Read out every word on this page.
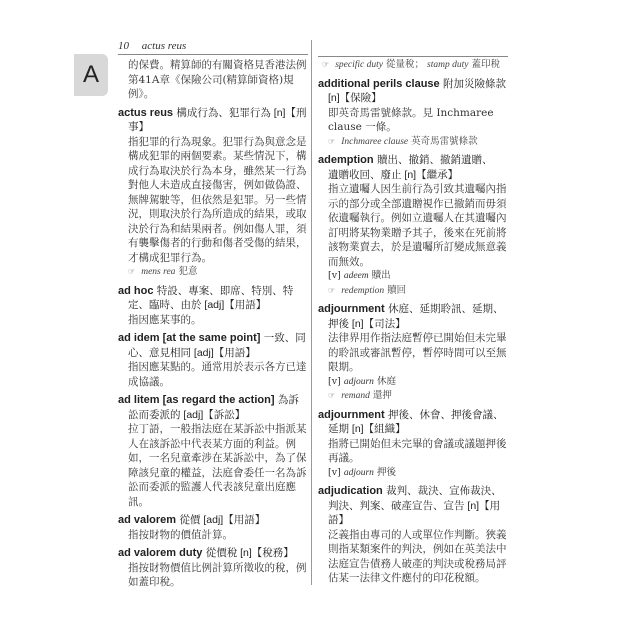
10 actus reus
A	的保費。精算師的有關資格見香港法例
第41A章《保險公司(精算師資格)規例》。
actus reus 構成行為、犯罪行為 [n]【刑
事】
指犯罪的行為現象。犯罪行為與意念是構成犯罪的兩個要素。某些情況下，構成行為取決於行為本身，雖然某一行為對他人未造成直接傷害，例如做偽證、無牌駕駛等，但依然是犯罪。另一些情況，則取決於行為所造成的結果，或取決於行為和結果兩者。例如傷人罪，須有襲擊傷者的行動和傷者受傷的結果，才構成犯罪行為。
☞ mens rea 犯意
ad hoc 特設、專案、即席、特別、特
定、臨時、由於 [adj]【用語】
指因應某事的。
ad idem [at the same point] 一致、同
心、意見相同 [adj]【用語】
指因應某點的。通常用於表示各方已達成協議。
ad litem [as regard the action] 為訴
訟而委派的 [adj]【訴訟】
拉丁語，一般指法庭在某訴訟中指派某人在該訴訟中代表某方面的利益。例如，一名兒童牽涉在某訴訟中，為了保障該兒童的權益，法庭會委任一名為訴訟而委派的監護人代表該兒童出庭應訊。
ad valorem 從價 [adj]【用語】
指按財物的價值計算。
ad valorem duty 從價稅 [n]【稅務】
指按財物價值比例計算所徵收的稅，例如蓋印稅。
☞ specific duty 從量稅； stamp duty 蓋印稅
additional perils clause 附加災險條款
[n]【保險】
即英奇馬雷號條款。見 Inchmaree clause 一條。
☞ Inchmaree clause 英奇馬雷號條款
ademption 贖出、撤銷、撤銷遺贈、
遺贈收回、廢止 [n]【繼承】
指立遺囑人因生前行為引致其遺囑內指示的部分或全部遺贈視作已撤銷而毋須依遺囑執行。例如立遺囑人在其遺囑內訂明將某物業贈予其子，後來在死前將該物業賣去，於是遺囑所訂變成無意義而無效。
[v] adeem 贖出
☞ redemption 贖回
adjournment 休庭、延期聆訊、延期、
押後 [n]【司法】
法律界用作指法庭暫停已開始但未完畢的聆訊或審訊暫停，暫停時間可以至無限期。
[v] adjourn 休庭
☞ remand 還押
adjournment 押後、休會、押後會議、
延期 [n]【組織】
指將已開始但未完畢的會議或議題押後再議。
[v] adjourn 押後
adjudication 裁判、裁決、宣佈裁決、
判決、判案、破產宣告、宣告 [n]【用語】
泛義指由專司的人或單位作判斷。狹義則指某類案件的判決，例如在英美法中法庭宣告債務人破產的判決或稅務局評估某一法律文件應付的印花稅額。
